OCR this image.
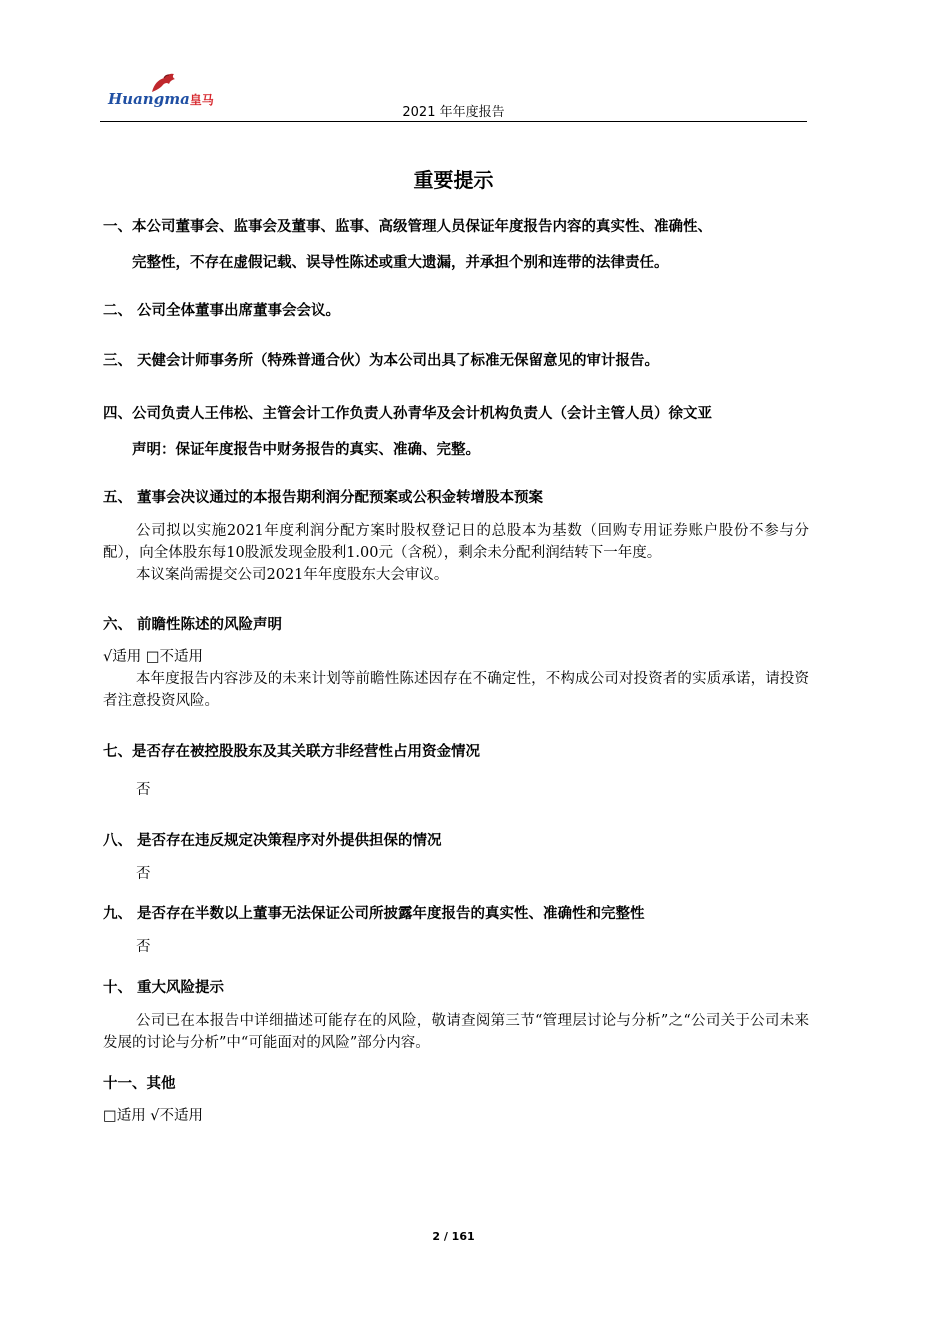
Huangma皇马
2021 年年度报告
重要提示
一、本公司董事会、监事会及董事、监事、高级管理人员保证年度报告内容的真实性、准确性、
完整性，不存在虚假记载、误导性陈述或重大遗漏，并承担个别和连带的法律责任。
二、 公司全体董事出席董事会会议。
三、 天健会计师事务所（特殊普通合伙）为本公司出具了标准无保留意见的审计报告。
四、公司负责人王伟松、主管会计工作负责人孙青华及会计机构负责人（会计主管人员）徐文亚
声明：保证年度报告中财务报告的真实、准确、完整。
五、 董事会决议通过的本报告期利润分配预案或公积金转增股本预案
公司拟以实施2021年度利润分配方案时股权登记日的总股本为基数（回购专用证券账户股份不参与分配），向全体股东每10股派发现金股利1.00元（含税），剩余未分配利润结转下一年度。
本议案尚需提交公司2021年年度股东大会审议。
六、 前瞻性陈述的风险声明
√适用 □不适用
本年度报告内容涉及的未来计划等前瞻性陈述因存在不确定性，不构成公司对投资者的实质承诺，请投资者注意投资风险。
七、是否存在被控股股东及其关联方非经营性占用资金情况
否
八、 是否存在违反规定决策程序对外提供担保的情况
否
九、 是否存在半数以上董事无法保证公司所披露年度报告的真实性、准确性和完整性
否
十、 重大风险提示
公司已在本报告中详细描述可能存在的风险，敬请查阅第三节“管理层讨论与分析”之“公司关于公司未来发展的讨论与分析”中“可能面对的风险”部分内容。
十一、其他
□适用 √不适用
2 / 161
